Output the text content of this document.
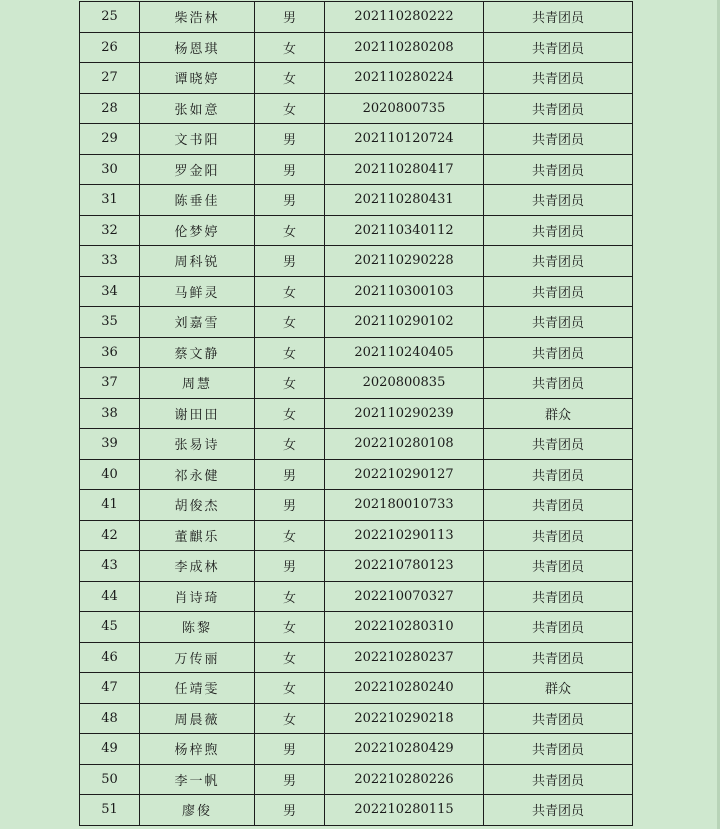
25	柴浩林	男	202110280222	共青团员
26	杨恩琪	女	202110280208	共青团员
27	谭晓婷	女	202110280224	共青团员
28	张如意	女	2020800735	共青团员
29	文书阳	男	202110120724	共青团员
30	罗金阳	男	202110280417	共青团员
31	陈垂佳	男	202110280431	共青团员
32	伦梦婷	女	202110340112	共青团员
33	周科锐	男	202110290228	共青团员
34	马鲜灵	女	202110300103	共青团员
35	刘嘉雪	女	202110290102	共青团员
36	蔡文静	女	202110240405	共青团员
37	周慧	女	2020800835	共青团员
38	谢田田	女	202110290239	群众
39	张易诗	女	202210280108	共青团员
40	祁永健	男	202210290127	共青团员
41	胡俊杰	男	202180010733	共青团员
42	董麒乐	女	202210290113	共青团员
43	李成林	男	202210780123	共青团员
44	肖诗琦	女	202210070327	共青团员
45	陈黎	女	202210280310	共青团员
46	万传丽	女	202210280237	共青团员
47	任靖雯	女	202210280240	群众
48	周晨薇	女	202210290218	共青团员
49	杨梓煦	男	202210280429	共青团员
50	李一帆	男	202210280226	共青团员
51	廖俊	男	202210280115	共青团员
